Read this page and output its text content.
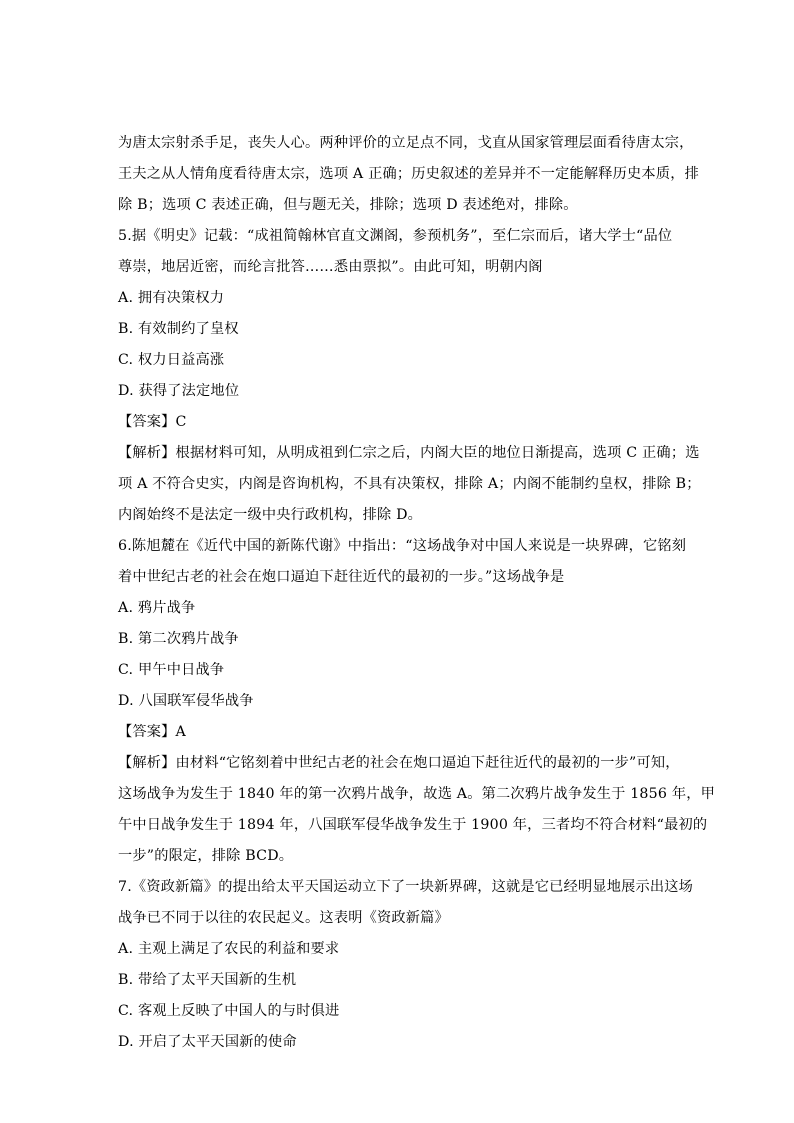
为唐太宗射杀手足，丧失人心。两种评价的立足点不同，戈直从国家管理层面看待唐太宗，
王夫之从人情角度看待唐太宗，选项 A 正确；历史叙述的差异并不一定能解释历史本质，排
除 B；选项 C 表述正确，但与题无关，排除；选项 D 表述绝对，排除。
5.据《明史》记载：“成祖简翰林官直文渊阁，参预机务”，至仁宗而后，诸大学士“品位
尊崇，地居近密，而纶言批答……悉由票拟”。由此可知，明朝内阁
A. 拥有决策权力
B. 有效制约了皇权
C. 权力日益高涨
D. 获得了法定地位
【答案】C
【解析】根据材料可知，从明成祖到仁宗之后，内阁大臣的地位日渐提高，选项 C 正确；选
项 A 不符合史实，内阁是咨询机构，不具有决策权，排除 A；内阁不能制约皇权，排除 B；
内阁始终不是法定一级中央行政机构，排除 D。
6.陈旭麓在《近代中国的新陈代谢》中指出：“这场战争对中国人来说是一块界碑，它铭刻
着中世纪古老的社会在炮口逼迫下赶往近代的最初的一步。”这场战争是
A. 鸦片战争
B. 第二次鸦片战争
C. 甲午中日战争
D. 八国联军侵华战争
【答案】A
【解析】由材料“它铭刻着中世纪古老的社会在炮口逼迫下赶往近代的最初的一步”可知，
这场战争为发生于 1840 年的第一次鸦片战争，故选 A。第二次鸦片战争发生于 1856 年，甲
午中日战争发生于 1894 年，八国联军侵华战争发生于 1900 年，三者均不符合材料“最初的
一步”的限定，排除 BCD。
7.《资政新篇》的提出给太平天国运动立下了一块新界碑，这就是它已经明显地展示出这场
战争已不同于以往的农民起义。这表明《资政新篇》
A. 主观上满足了农民的利益和要求
B. 带给了太平天国新的生机
C. 客观上反映了中国人的与时俱进
D. 开启了太平天国新的使命
